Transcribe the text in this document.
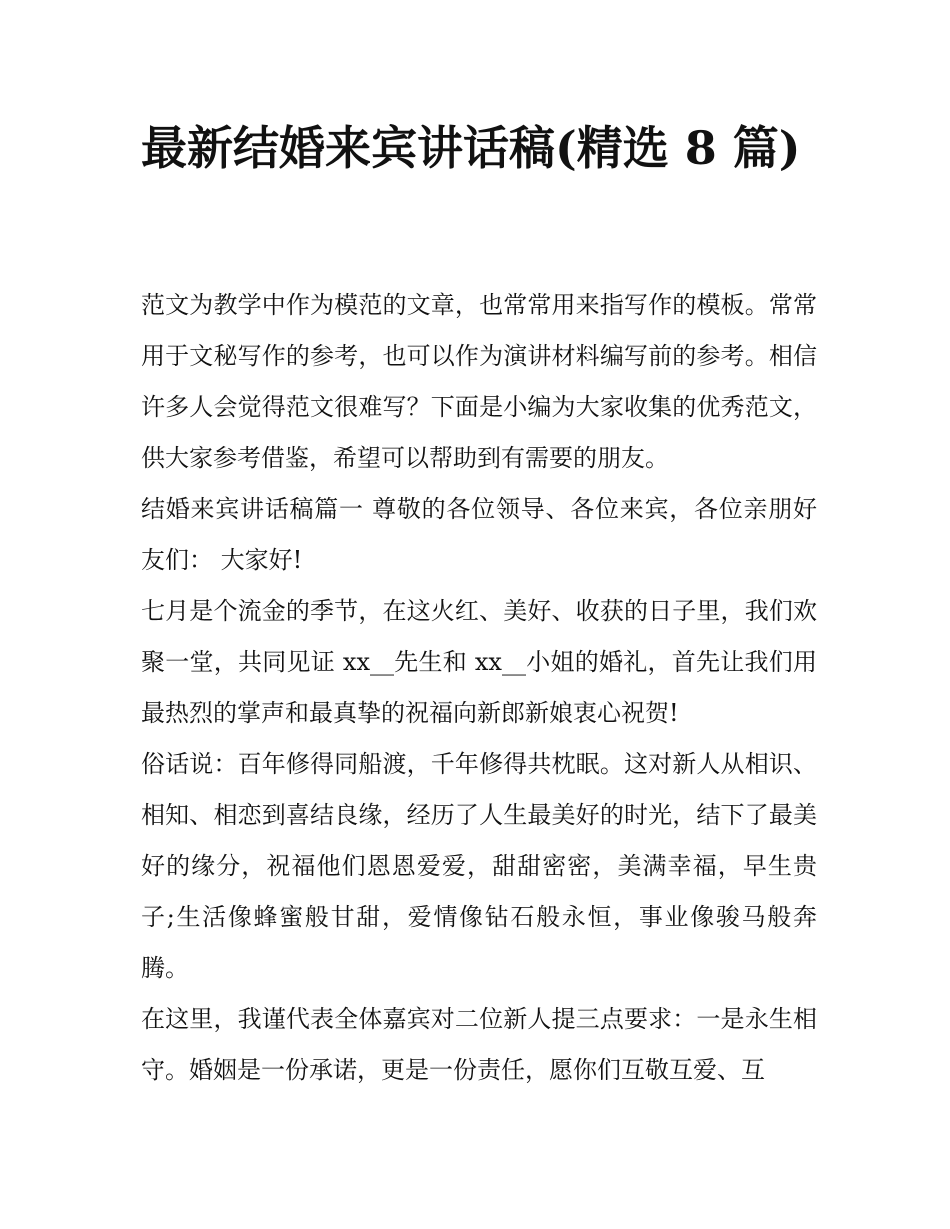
最新结婚来宾讲话稿(精选 8 篇)

范文为教学中作为模范的文章，也常常用来指写作的模板。常常用于文秘写作的参考，也可以作为演讲材料编写前的参考。相信许多人会觉得范文很难写？下面是小编为大家收集的优秀范文，供大家参考借鉴，希望可以帮助到有需要的朋友。

结婚来宾讲话稿篇一 尊敬的各位领导、各位来宾，各位亲朋好友们： 大家好!

七月是个流金的季节，在这火红、美好、收获的日子里，我们欢聚一堂，共同见证 xx__先生和 xx__小姐的婚礼，首先让我们用最热烈的掌声和最真挚的祝福向新郎新娘衷心祝贺!

俗话说：百年修得同船渡，千年修得共枕眠。这对新人从相识、相知、相恋到喜结良缘，经历了人生最美好的时光，结下了最美好的缘分，祝福他们恩恩爱爱，甜甜密密，美满幸福，早生贵子;生活像蜂蜜般甘甜，爱情像钻石般永恒，事业像骏马般奔腾。

在这里，我谨代表全体嘉宾对二位新人提三点要求：一是永生相守。婚姻是一份承诺，更是一份责任，愿你们互敬互爱、互
